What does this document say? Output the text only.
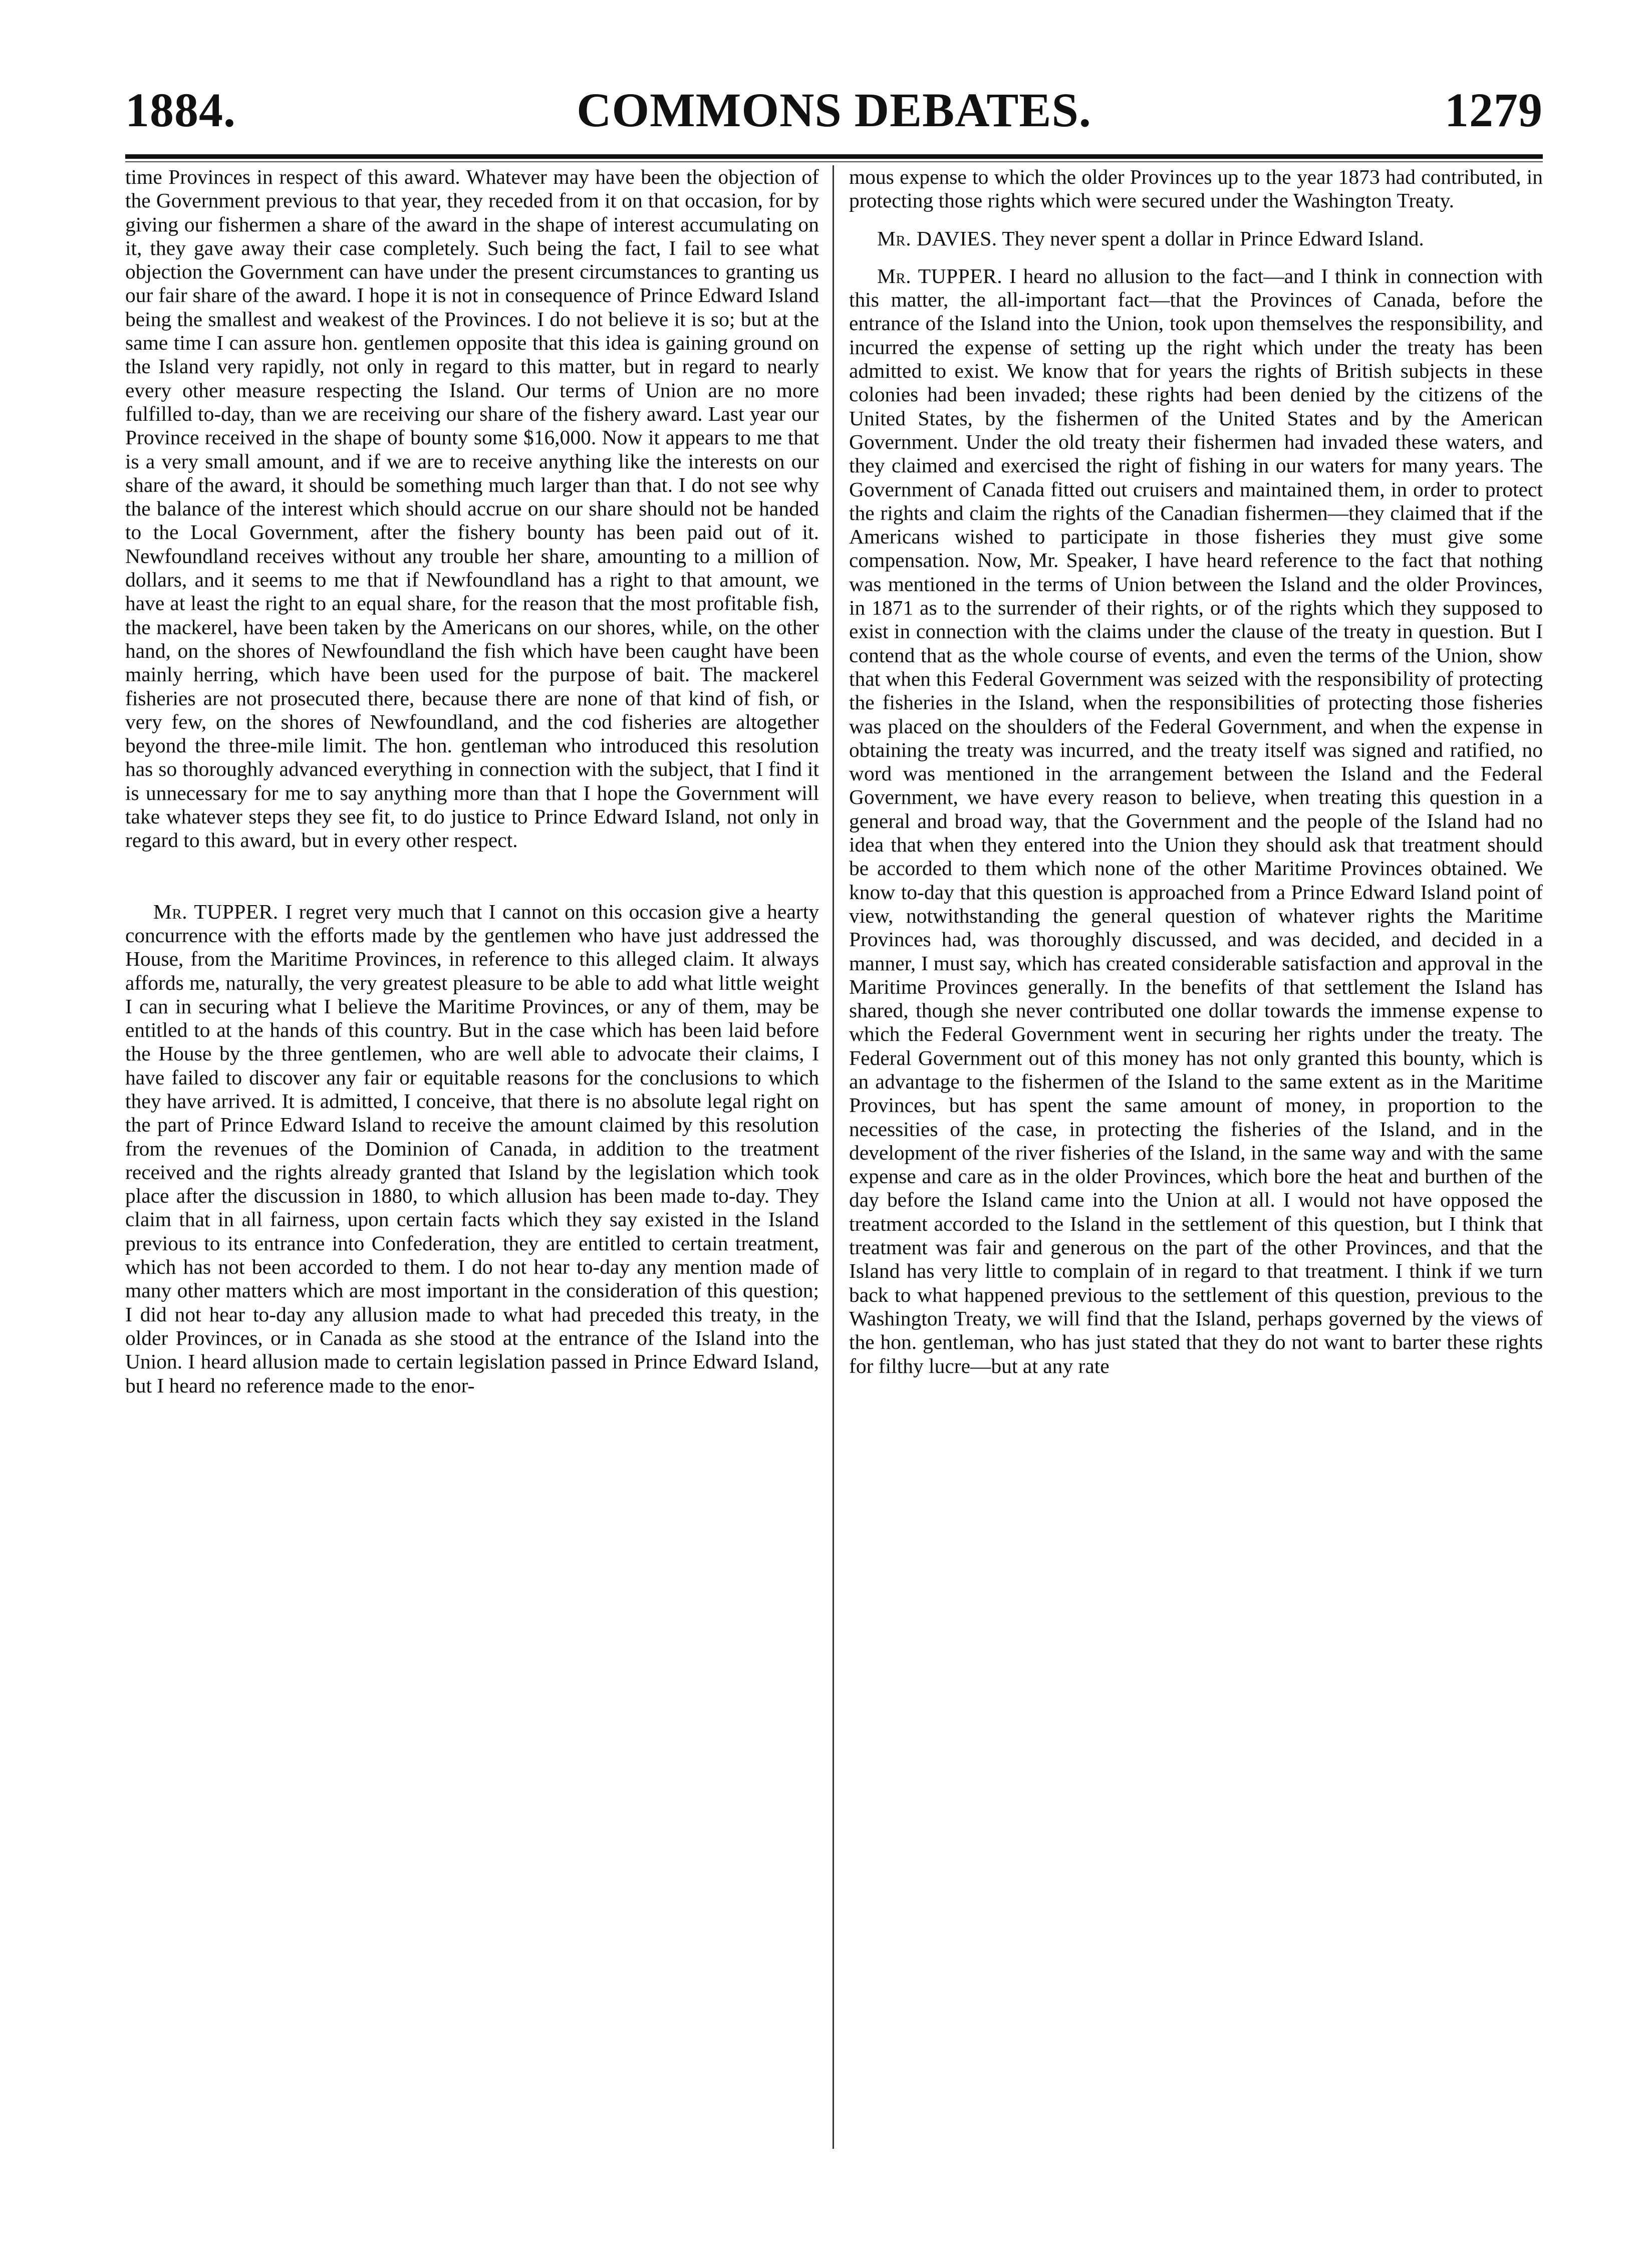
COMMONS DEBATES.
1884.	1279

time Provinces in respect of this award. Whatever may have been the objection of the Government previous to that year, they receded from it on that occasion, for by giving our fishermen a share of the award in the shape of interest accumulating on it, they gave away their case completely. Such being the fact, I fail to see what objection the Government can have under the present circumstances to granting us our fair share of the award. I hope it is not in consequence of Prince Edward Island being the smallest and weakest of the Provinces. I do not believe it is so; but at the same time I can assure hon. gentlemen opposite that this idea is gaining ground on the Island very rapidly, not only in regard to this matter, but in regard to nearly every other measure respecting the Island. Our terms of Union are no more fulfilled to-day, than we are receiving our share of the fishery award. Last year our Province received in the shape of bounty some $16,000. Now it appears to me that is a very small amount, and if we are to receive anything like the interests on our share of the award, it should be something much larger than that. I do not see why the balance of the interest which should accrue on our share should not be handed to the Local Government, after the fishery bounty has been paid out of it. Newfoundland receives without any trouble her share, amounting to a million of dollars, and it seems to me that if Newfoundland has a right to that amount, we have at least the right to an equal share, for the reason that the most profitable fish, the mackerel, have been taken by the Americans on our shores, while, on the other hand, on the shores of Newfoundland the fish which have been caught have been mainly herring, which have been used for the purpose of bait. The mackerel fisheries are not prosecuted there, because there are none of that kind of fish, or very few, on the shores of Newfoundland, and the cod fisheries are altogether beyond the three-mile limit. The hon. gentleman who introduced this resolution has so thoroughly advanced everything in connection with the subject, that I find it is unnecessary for me to say anything more than that I hope the Government will take whatever steps they see fit, to do justice to Prince Edward Island, not only in regard to this award, but in every other respect.

Mr. TUPPER. I regret very much that I cannot on this occasion give a hearty concurrence with the efforts made by the gentlemen who have just addressed the House, from the Maritime Provinces, in reference to this alleged claim. It always affords me, naturally, the very greatest pleasure to be able to add what little weight I can in securing what I believe the Maritime Provinces, or any of them, may be entitled to at the hands of this country. But in the case which has been laid before the House by the three gentlemen, who are well able to advocate their claims, I have failed to discover any fair or equitable reasons for the conclusions to which they have arrived. It is admitted, I conceive, that there is no absolute legal right on the part of Prince Edward Island to receive the amount claimed by this resolution from the revenues of the Dominion of Canada, in addition to the treatment received and the rights already granted that Island by the legislation which took place after the discussion in 1880, to which allusion has been made to-day. They claim that in all fairness, upon certain facts which they say existed in the Island previous to its entrance into Confederation, they are entitled to certain treatment, which has not been accorded to them. I do not hear to-day any mention made of many other matters which are most important in the consideration of this question; I did not hear to-day any allusion made to what had preceded this treaty, in the older Provinces, or in Canada as she stood at the entrance of the Island into the Union. I heard allusion made to certain legislation passed in Prince Edward Island, but I heard no reference made to the enor-

mous expense to which the older Provinces up to the year 1873 had contributed, in protecting those rights which were secured under the Washington Treaty.

Mr. DAVIES. They never spent a dollar in Prince Edward Island.

Mr. TUPPER. I heard no allusion to the fact—and I think in connection with this matter, the all-important fact—that the Provinces of Canada, before the entrance of the Island into the Union, took upon themselves the responsibility, and incurred the expense of setting up the right which under the treaty has been admitted to exist. We know that for years the rights of British subjects in these colonies had been invaded; these rights had been denied by the citizens of the United States, by the fishermen of the United States and by the American Government. Under the old treaty their fishermen had invaded these waters, and they claimed and exercised the right of fishing in our waters for many years. The Government of Canada fitted out cruisers and maintained them, in order to protect the rights and claim the rights of the Canadian fishermen—they claimed that if the Americans wished to participate in those fisheries they must give some compensation. Now, Mr. Speaker, I have heard reference to the fact that nothing was mentioned in the terms of Union between the Island and the older Provinces, in 1871 as to the surrender of their rights, or of the rights which they supposed to exist in connection with the claims under the clause of the treaty in question. But I contend that as the whole course of events, and even the terms of the Union, show that when this Federal Government was seized with the responsibility of protecting the fisheries in the Island, when the responsibilities of protecting those fisheries was placed on the shoulders of the Federal Government, and when the expense in obtaining the treaty was incurred, and the treaty itself was signed and ratified, no word was mentioned in the arrangement between the Island and the Federal Government, we have every reason to believe, when treating this question in a general and broad way, that the Government and the people of the Island had no idea that when they entered into the Union they should ask that treatment should be accorded to them which none of the other Maritime Provinces obtained. We know to-day that this question is approached from a Prince Edward Island point of view, notwithstanding the general question of whatever rights the Maritime Provinces had, was thoroughly discussed, and was decided, and decided in a manner, I must say, which has created considerable satisfaction and approval in the Maritime Provinces generally. In the benefits of that settlement the Island has shared, though she never contributed one dollar towards the immense expense to which the Federal Government went in securing her rights under the treaty. The Federal Government out of this money has not only granted this bounty, which is an advantage to the fishermen of the Island to the same extent as in the Maritime Provinces, but has spent the same amount of money, in proportion to the necessities of the case, in protecting the fisheries of the Island, and in the development of the river fisheries of the Island, in the same way and with the same expense and care as in the older Provinces, which bore the heat and burthen of the day before the Island came into the Union at all. I would not have opposed the treatment accorded to the Island in the settlement of this question, but I think that treatment was fair and generous on the part of the other Provinces, and that the Island has very little to complain of in regard to that treatment. I think if we turn back to what happened previous to the settlement of this question, previous to the Washington Treaty, we will find that the Island, perhaps governed by the views of the hon. gentleman, who has just stated that they do not want to barter these rights for filthy lucre—but at any rate
